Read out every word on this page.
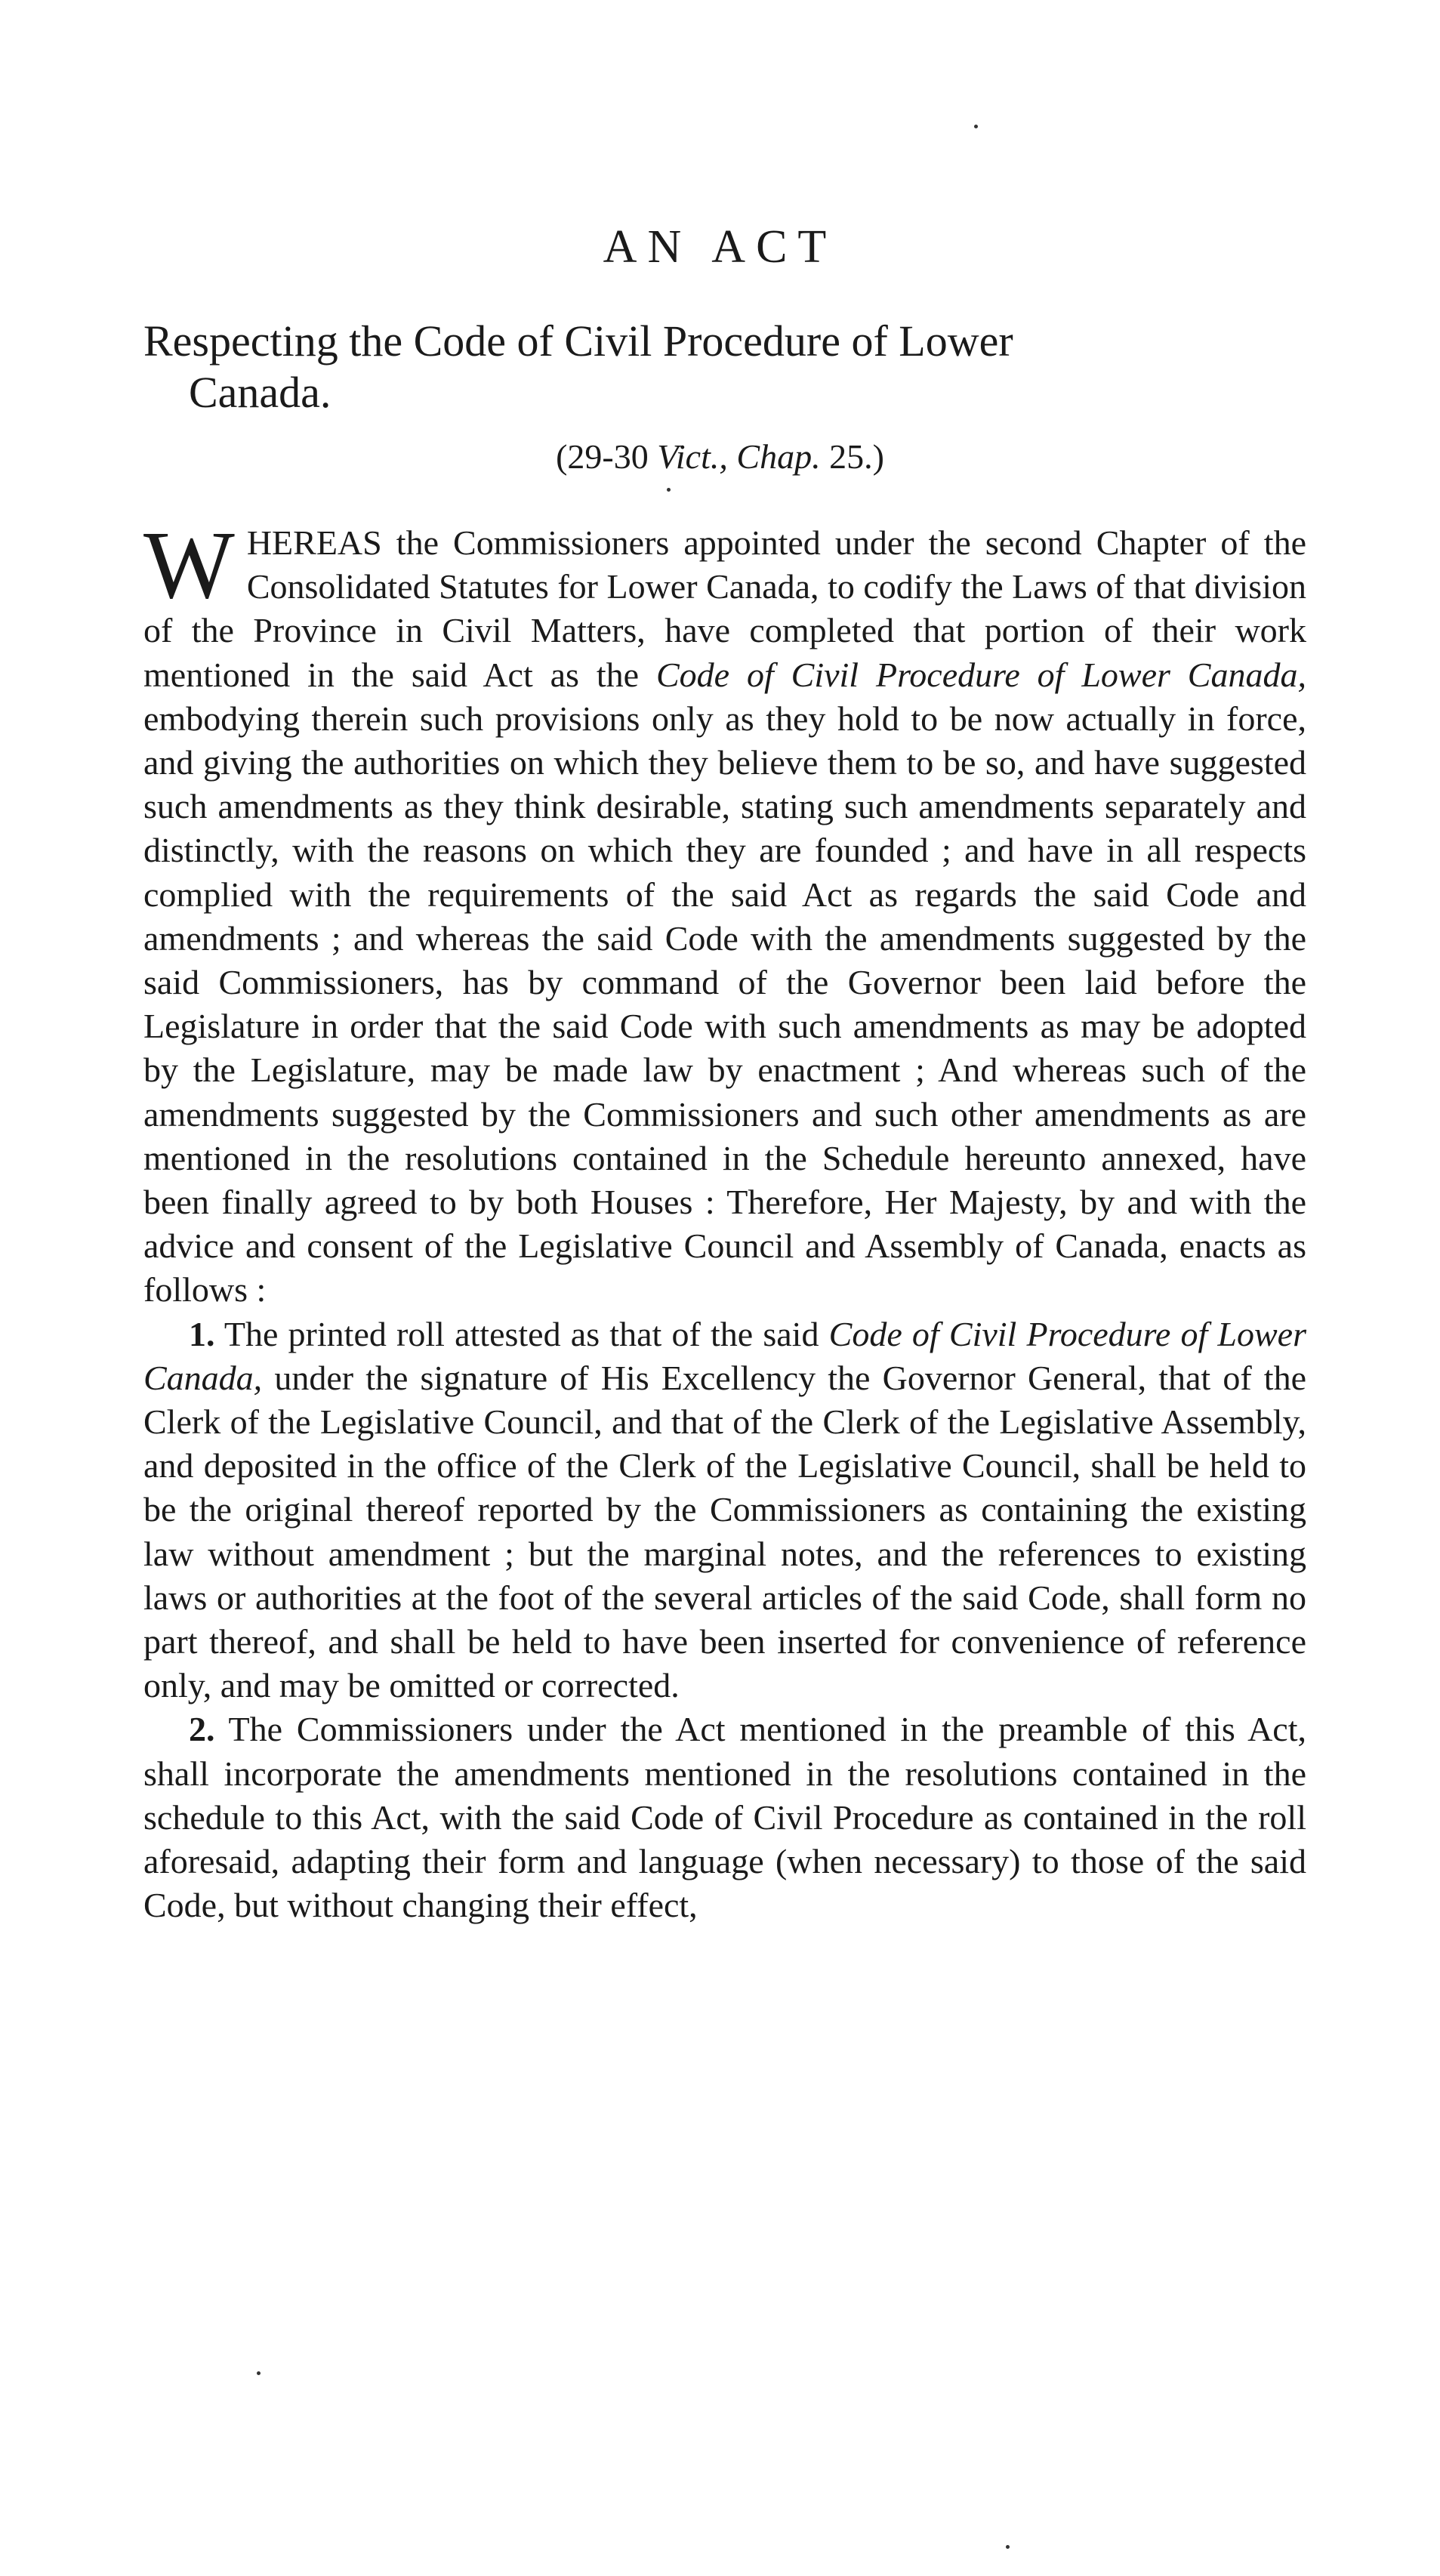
AN ACT
Respecting the Code of Civil Procedure of Lower
Canada.
(29-30 Vict., Chap. 25.)

WHEREAS the Commissioners appointed under the second Chapter of the Consolidated Statutes for Lower Canada, to codify the Laws of that division of the Province in Civil Matters, have completed that portion of their work mentioned in the said Act as the Code of Civil Procedure of Lower Canada, embodying therein such provisions only as they hold to be now actually in force, and giving the authorities on which they believe them to be so, and have suggested such amendments as they think desirable, stating such amendments separately and distinctly, with the reasons on which they are founded ; and have in all respects complied with the requirements of the said Act as regards the said Code and amendments ; and whereas the said Code with the amendments suggested by the said Commissioners, has by command of the Governor been laid before the Legislature in order that the said Code with such amendments as may be adopted by the Legislature, may be made law by enactment ; And whereas such of the amendments suggested by the Commissioners and such other amendments as are mentioned in the resolutions contained in the Schedule hereunto annexed, have been finally agreed to by both Houses : Therefore, Her Majesty, by and with the advice and consent of the Legislative Council and Assembly of Canada, enacts as follows :

1. The printed roll attested as that of the said Code of Civil Procedure of Lower Canada, under the signature of His Excellency the Governor General, that of the Clerk of the Legislative Council, and that of the Clerk of the Legislative Assembly, and deposited in the office of the Clerk of the Legislative Council, shall be held to be the original thereof reported by the Commissioners as containing the existing law without amendment ; but the marginal notes, and the references to existing laws or authorities at the foot of the several articles of the said Code, shall form no part thereof, and shall be held to have been inserted for convenience of reference only, and may be omitted or corrected.

2. The Commissioners under the Act mentioned in the preamble of this Act, shall incorporate the amendments mentioned in the resolutions contained in the schedule to this Act, with the said Code of Civil Procedure as contained in the roll aforesaid, adapting their form and language (when necessary) to those of the said Code, but without changing their effect,
